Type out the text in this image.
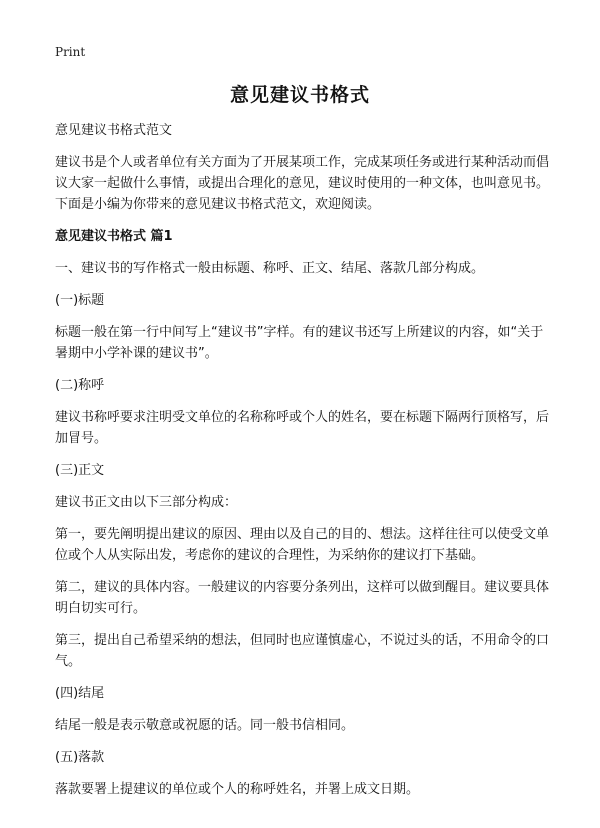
Print
意见建议书格式

意见建议书格式范文

建议书是个人或者单位有关方面为了开展某项工作，完成某项任务或进行某种活动而倡议大家一起做什么事情，或提出合理化的意见，建议时使用的一种文体，也叫意见书。下面是小编为你带来的意见建议书格式范文，欢迎阅读。

意见建议书格式 篇1

一、建议书的写作格式一般由标题、称呼、正文、结尾、落款几部分构成。

(一)标题

标题一般在第一行中间写上“建议书”字样。有的建议书还写上所建议的内容，如“关于暑期中小学补课的建议书”。

(二)称呼

建议书称呼要求注明受文单位的名称称呼或个人的姓名，要在标题下隔两行顶格写，后加冒号。

(三)正文

建议书正文由以下三部分构成：

第一，要先阐明提出建议的原因、理由以及自己的目的、想法。这样往往可以使受文单位或个人从实际出发，考虑你的建议的合理性，为采纳你的建议打下基础。

第二，建议的具体内容。一般建议的内容要分条列出，这样可以做到醒目。建议要具体明白切实可行。

第三，提出自己希望采纳的想法，但同时也应谨慎虚心，不说过头的话，不用命令的口气。

(四)结尾

结尾一般是表示敬意或祝愿的话。同一般书信相同。

(五)落款

落款要署上提建议的单位或个人的称呼姓名，并署上成文日期。
